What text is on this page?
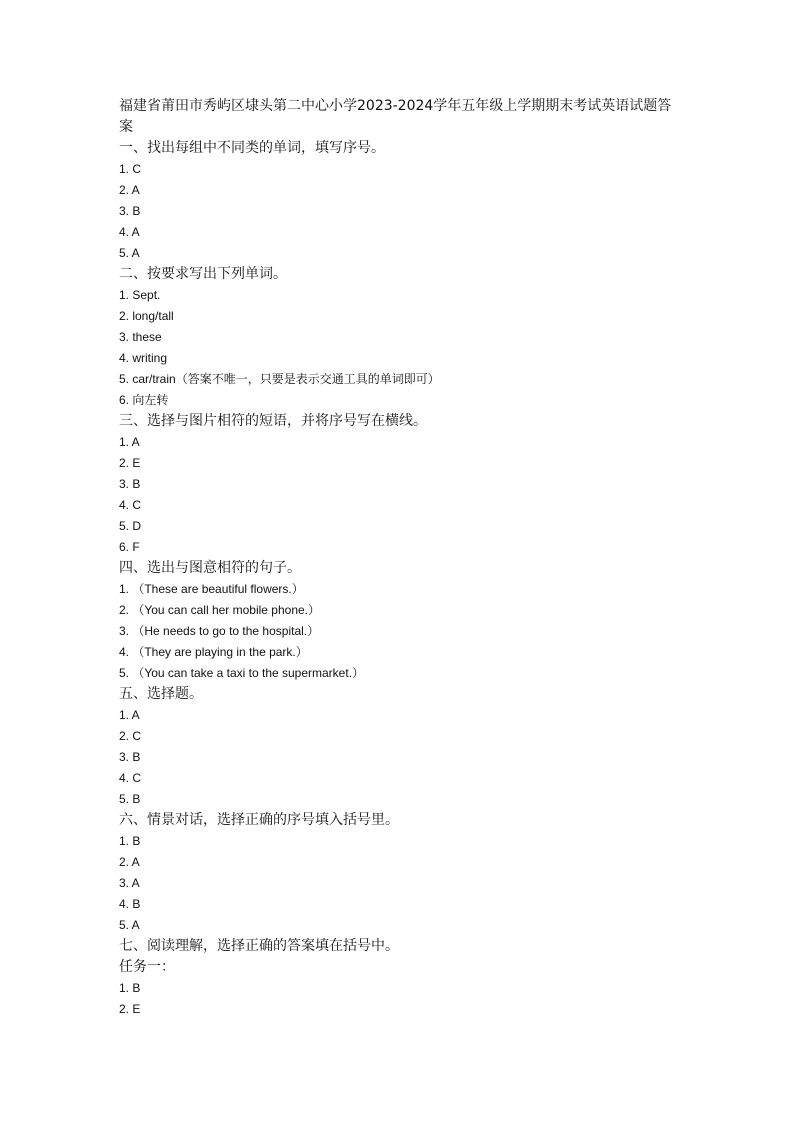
福建省莆田市秀屿区埭头第二中心小学2023-2024学年五年级上学期期末考试英语试题答案
一、找出每组中不同类的单词，填写序号。
1. C
2. A
3. B
4. A
5. A
二、按要求写出下列单词。
1. Sept.
2. long/tall
3. these
4. writing
5. car/train（答案不唯一，只要是表示交通工具的单词即可）
6. 向左转
三、选择与图片相符的短语，并将序号写在横线。
1. A
2. E
3. B
4. C
5. D
6. F
四、选出与图意相符的句子。
1. （These are beautiful flowers.）
2. （You can call her mobile phone.）
3. （He needs to go to the hospital.）
4. （They are playing in the park.）
5. （You can take a taxi to the supermarket.）
五、选择题。
1. A
2. C
3. B
4. C
5. B
六、情景对话，选择正确的序号填入括号里。
1. B
2. A
3. A
4. B
5. A
七、阅读理解，选择正确的答案填在括号中。
任务一：
1. B
2. E
